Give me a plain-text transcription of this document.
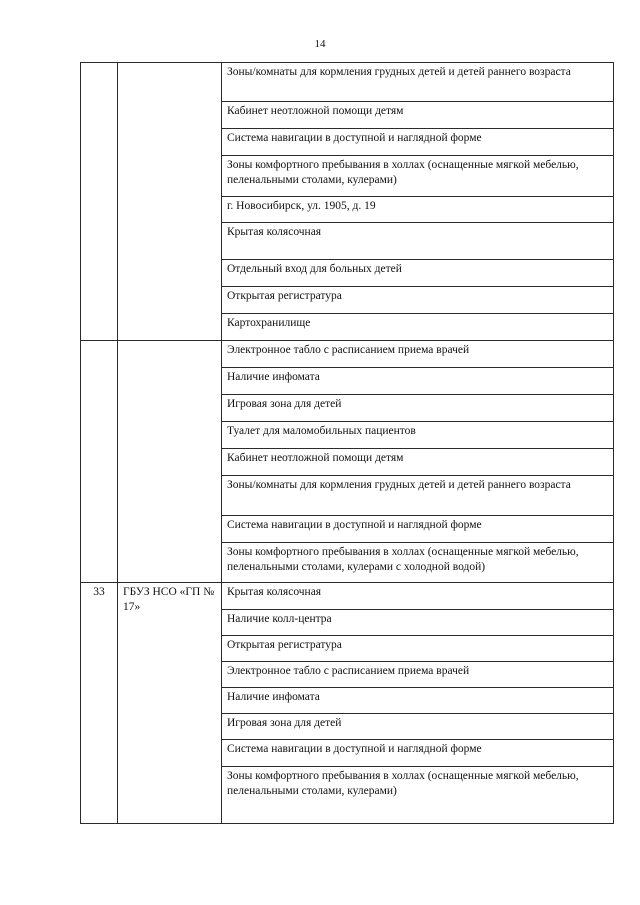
14
		Зоны/комнаты для кормления грудных детей и детей раннего возраста
		Кабинет неотложной помощи детям
		Система навигации в доступной и наглядной форме
		Зоны комфортного пребывания в холлах (оснащенные мягкой мебелью, пеленальными столами, кулерами)
		г. Новосибирск, ул. 1905, д. 19
		Крытая колясочная
		Отдельный вход для больных детей
		Открытая регистратура
		Картохранилище
		Электронное табло с расписанием приема врачей
		Наличие инфомата
		Игровая зона для детей
		Туалет для маломобильных пациентов
		Кабинет неотложной помощи детям
		Зоны/комнаты для кормления грудных детей и детей раннего возраста
		Система навигации в доступной и наглядной форме
		Зоны комфортного пребывания в холлах (оснащенные мягкой мебелью, пеленальными столами, кулерами с холодной водой)
33	ГБУЗ НСО «ГП № 17»	Крытая колясочная
		Наличие колл-центра
		Открытая регистратура
		Электронное табло с расписанием приема врачей
		Наличие инфомата
		Игровая зона для детей
		Система навигации в доступной и наглядной форме
		Зоны комфортного пребывания в холлах (оснащенные мягкой мебелью, пеленальными столами, кулерами)
